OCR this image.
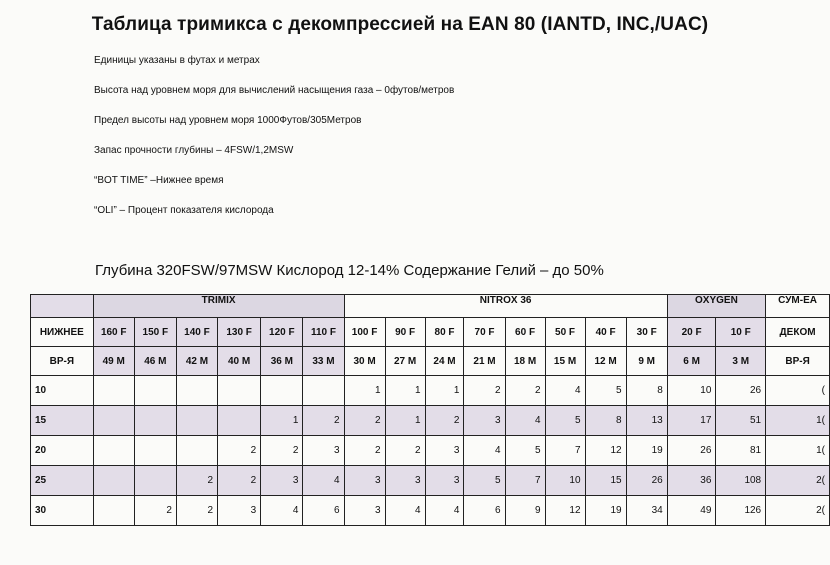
Таблица тримикса с декомпрессией на EAN 80 (IANTD, INC,/UAC)
Единицы указаны в футах и метрах
Высота над уровнем моря для вычислений насыщения газа – 0футов/метров
Предел высоты над уровнем моря 1000Футов/305Метров
Запас прочности глубины – 4FSW/1,2MSW
“BOT TIME” –Нижнее время
“OLI” – Процент показателя кислорода
Глубина 320FSW/97MSW Кислород 12-14% Содержание Гелий – до 50%
	TRIMIX						NITROX 36								OXYGEN		СУМ-ЕА
НИЖНЕЕ	160 F	150 F	140 F	130 F	120 F	110 F	100 F	90 F	80 F	70 F	60 F	50 F	40 F	30 F	20 F	10 F	ДЕКОМ
ВР-Я	49 M	46 M	42 M	40 M	36 M	33 M	30 M	27 M	24 M	21 M	18 M	15 M	12 M	9 M	6 M	3 M	ВР-Я
10							1	1	1	2	2	4	5	8	10	26	(
15					1	2	2	1	2	3	4	5	8	13	17	51	1(
20				2	2	3	2	2	3	4	5	7	12	19	26	81	1(
25			2	2	3	4	3	3	3	5	7	10	15	26	36	108	2(
30		2	2	3	4	6	3	4	4	6	9	12	19	34	49	126	2(
